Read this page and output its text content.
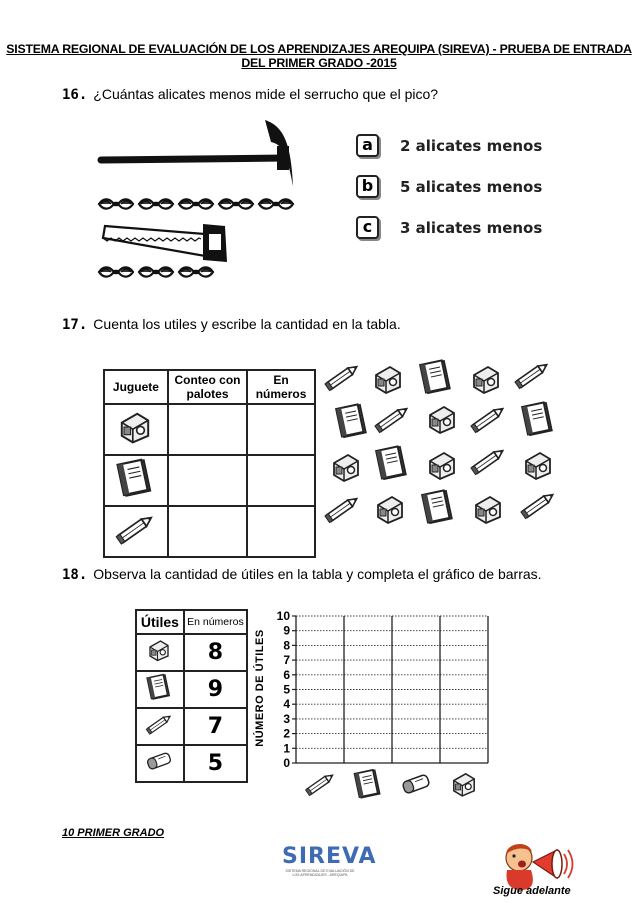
SISTEMA REGIONAL DE EVALUACIÓN DE LOS APRENDIZAJES AREQUIPA (SIREVA) - PRUEBA DE ENTRADA DEL PRIMER GRADO -2015
16. ¿Cuántas alicates menos mide el serrucho que el pico?
a	2 alicates menos
b	5 alicates menos
c	3 alicates menos
17. Cuenta los utiles y escribe la cantidad en la tabla.
Juguete	Conteo con palotes	En números

18. Observa la cantidad de útiles en la tabla y completa el gráfico de barras.
Útiles	En números
	8
	9
	7
	5
NÚMERO DE ÚTILES
0
1
2
3
4
5
6
7
8
9
10
10 PRIMER GRADO
SIREVA
SISTEMA REGIONAL DE EVALUACIÓN DE LOS APRENDIZAJES - AREQUIPA
Sigue adelante
